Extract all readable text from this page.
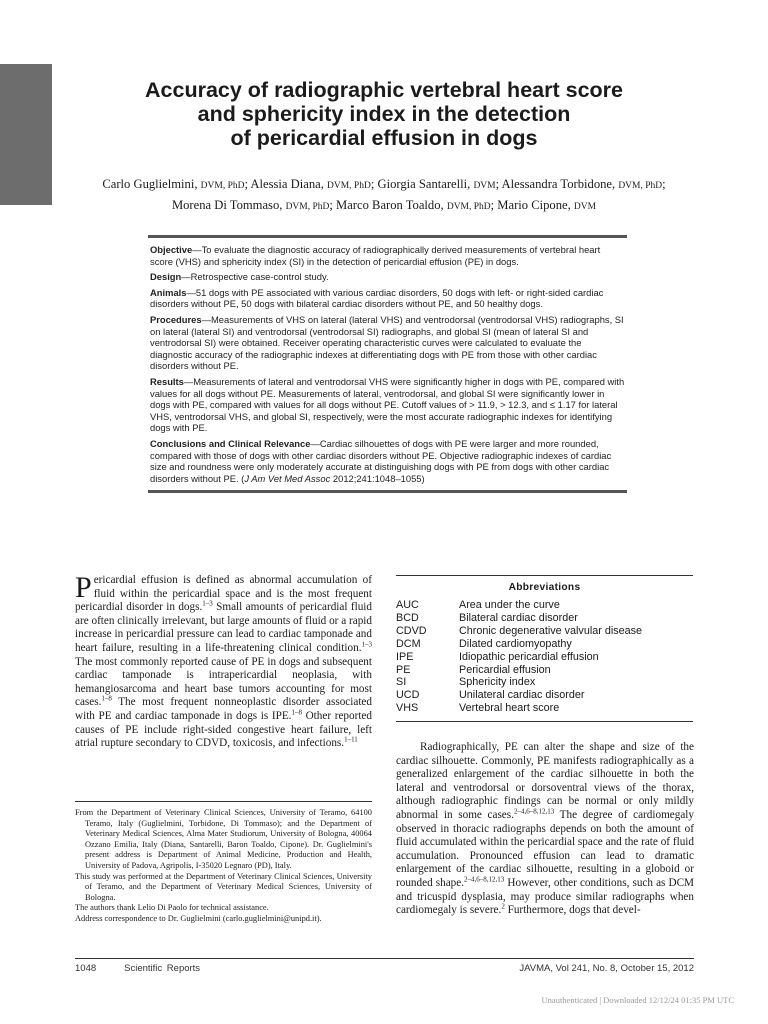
Accuracy of radiographic vertebral heart score
and sphericity index in the detection
of pericardial effusion in dogs
Carlo Guglielmini, DVM, PhD; Alessia Diana, DVM, PhD; Giorgia Santarelli, DVM; Alessandra Torbidone, DVM, PhD;
Morena Di Tommaso, DVM, PhD; Marco Baron Toaldo, DVM, PhD; Mario Cipone, DVM

Objective—To evaluate the diagnostic accuracy of radiographically derived measurements of vertebral heart score (VHS) and sphericity index (SI) in the detection of pericardial effusion (PE) in dogs.

Design—Retrospective case-control study.

Animals—51 dogs with PE associated with various cardiac disorders, 50 dogs with left- or right-sided cardiac disorders without PE, 50 dogs with bilateral cardiac disorders without PE, and 50 healthy dogs.

Procedures—Measurements of VHS on lateral (lateral VHS) and ventrodorsal (ventrodorsal VHS) radiographs, SI on lateral (lateral SI) and ventrodorsal (ventrodorsal SI) radiographs, and global SI (mean of lateral SI and ventrodorsal SI) were obtained. Receiver operating characteristic curves were calculated to evaluate the diagnostic accuracy of the radiographic indexes at differentiating dogs with PE from those with other cardiac disorders without PE.

Results—Measurements of lateral and ventrodorsal VHS were significantly higher in dogs with PE, compared with values for all dogs without PE. Measurements of lateral, ventrodorsal, and global SI were significantly lower in dogs with PE, compared with values for all dogs without PE. Cutoff values of > 11.9, > 12.3, and ≤ 1.17 for lateral VHS, ventrodorsal VHS, and global SI, respectively, were the most accurate radiographic indexes for identifying dogs with PE.

Conclusions and Clinical Relevance—Cardiac silhouettes of dogs with PE were larger and more rounded, compared with those of dogs with other cardiac disorders without PE. Objective radiographic indexes of cardiac size and roundness were only moderately accurate at distinguishing dogs with PE from dogs with other cardiac disorders without PE. (J Am Vet Med Assoc 2012;241:1048–1055)

Pericardial effusion is defined as abnormal accumulation of fluid within the pericardial space and is the most frequent pericardial disorder in dogs.$^{1-3}$ Small amounts of pericardial fluid are often clinically irrelevant, but large amounts of fluid or a rapid increase in pericardial pressure can lead to cardiac tamponade and heart failure, resulting in a life-threatening clinical condition.$^{1-3}$ The most commonly reported cause of PE in dogs and subsequent cardiac tamponade is intrapericardial neoplasia, with hemangiosarcoma and heart base tumors accounting for most cases.$^{1-8}$ The most frequent nonneoplastic disorder associated with PE and cardiac tamponade in dogs is IPE.$^{1-8}$ Other reported causes of PE include right-sided congestive heart failure, left atrial rupture secondary to CDVD, toxicosis, and infections.$^{1-11}$

From the Department of Veterinary Clinical Sciences, University of Teramo, 64100 Teramo, Italy (Guglielmini, Torbidone, Di Tommaso); and the Department of Veterinary Medical Sciences, Alma Mater Studiorum, University of Bologna, 40064 Ozzano Emilia, Italy (Diana, Santarelli, Baron Toaldo, Cipone). Dr. Guglielmini's present address is Department of Animal Medicine, Production and Health, University of Padova, Agripolis, I-35020 Legnaro (PD), Italy.

This study was performed at the Department of Veterinary Clinical Sciences, University of Teramo, and the Department of Veterinary Medical Sciences, University of Bologna.

The authors thank Lelio Di Paolo for technical assistance.

Address correspondence to Dr. Guglielmini (carlo.guglielmini@unipd.it).

Abbreviations
AUC	Area under the curve
BCD	Bilateral cardiac disorder
CDVD	Chronic degenerative valvular disease
DCM	Dilated cardiomyopathy
IPE	Idiopathic pericardial effusion
PE	Pericardial effusion
SI	Sphericity index
UCD	Unilateral cardiac disorder
VHS	Vertebral heart score
Radiographically, PE can alter the shape and size of the cardiac silhouette. Commonly, PE manifests radiographically as a generalized enlargement of the cardiac silhouette in both the lateral and ventrodorsal or dorsoventral views of the thorax, although radiographic findings can be normal or only mildly abnormal in some cases.$^{2-4,6-8,12,13}$ The degree of cardiomegaly observed in thoracic radiographs depends on both the amount of fluid accumulated within the pericardial space and the rate of fluid accumulation. Pronounced effusion can lead to dramatic enlargement of the cardiac silhouette, resulting in a globoid or rounded shape.$^{2-4,6-8,12,13}$ However, other conditions, such as DCM and tricuspid dysplasia, may produce similar radiographs when cardiomegaly is severe.$^2$ Furthermore, dogs that devel-
1048	Scientific Reports	JAVMA, Vol 241, No. 8, October 15, 2012
Unauthenticated | Downloaded 12/12/24 01:35 PM UTC
